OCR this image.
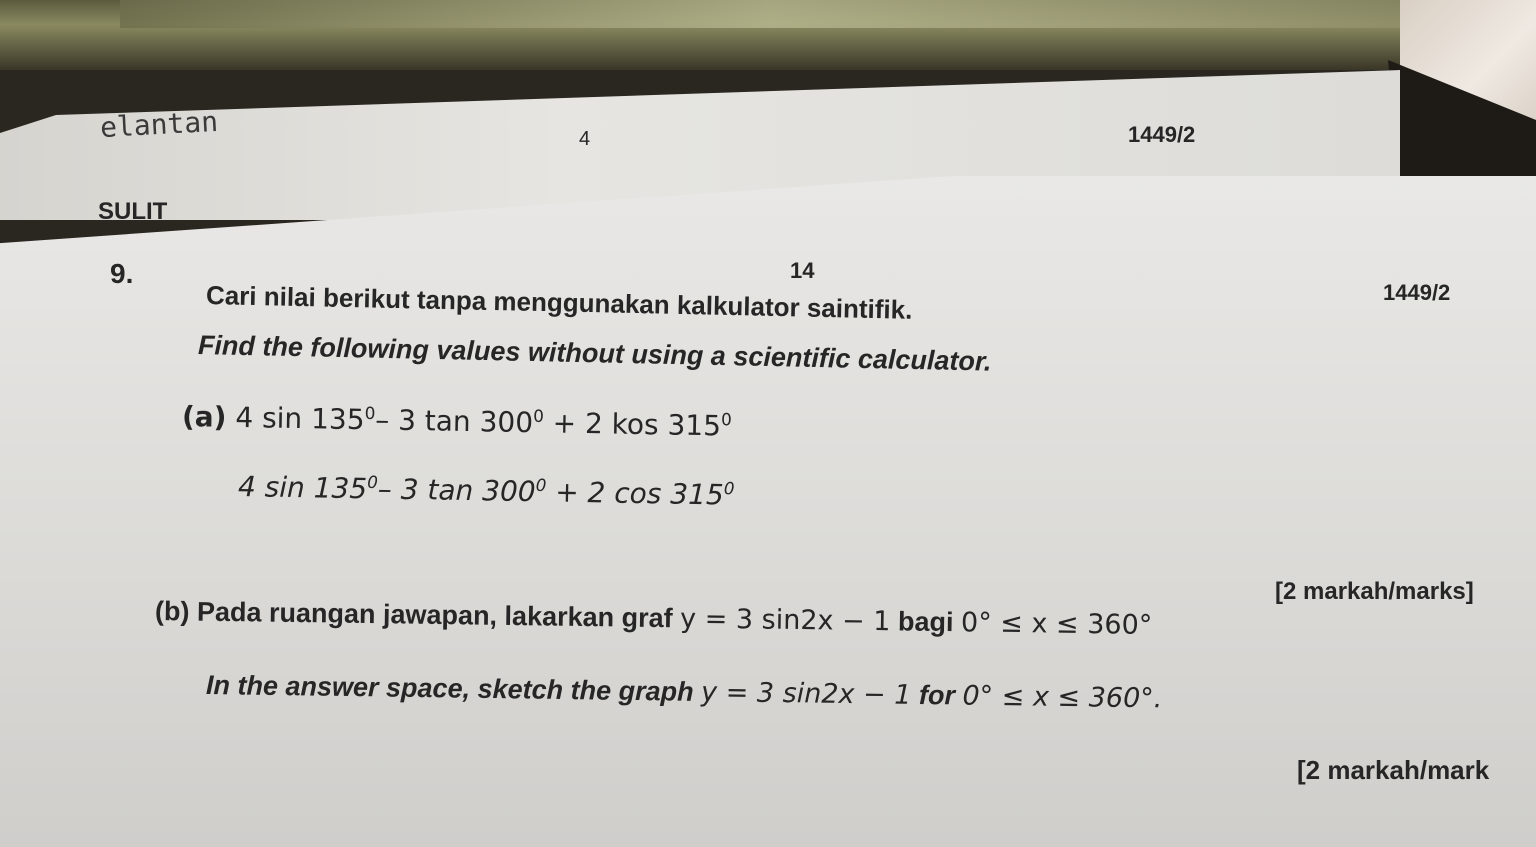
elantan	4	1449/2
SULIT
14
1449/2
9.
Cari nilai berikut tanpa menggunakan kalkulator saintifik.
Find the following values without using a scientific calculator.
(a) 4 $\sin 135^0-$ 3 $\tan 300^0 + 2$ kos $315^0$
4 $\sin 135^0-$ 3 $\tan 300^0 + 2$ $\cos 315^0$
[2 markah/marks]
(b) Pada ruangan jawapan, lakarkan graf y = 3 sin2x − 1 bagi 0° ≤ x ≤ 360°
In the answer space, sketch the graph y = 3 sin2x − 1 for 0° ≤ x ≤ 360°.
[2 markah/mark
